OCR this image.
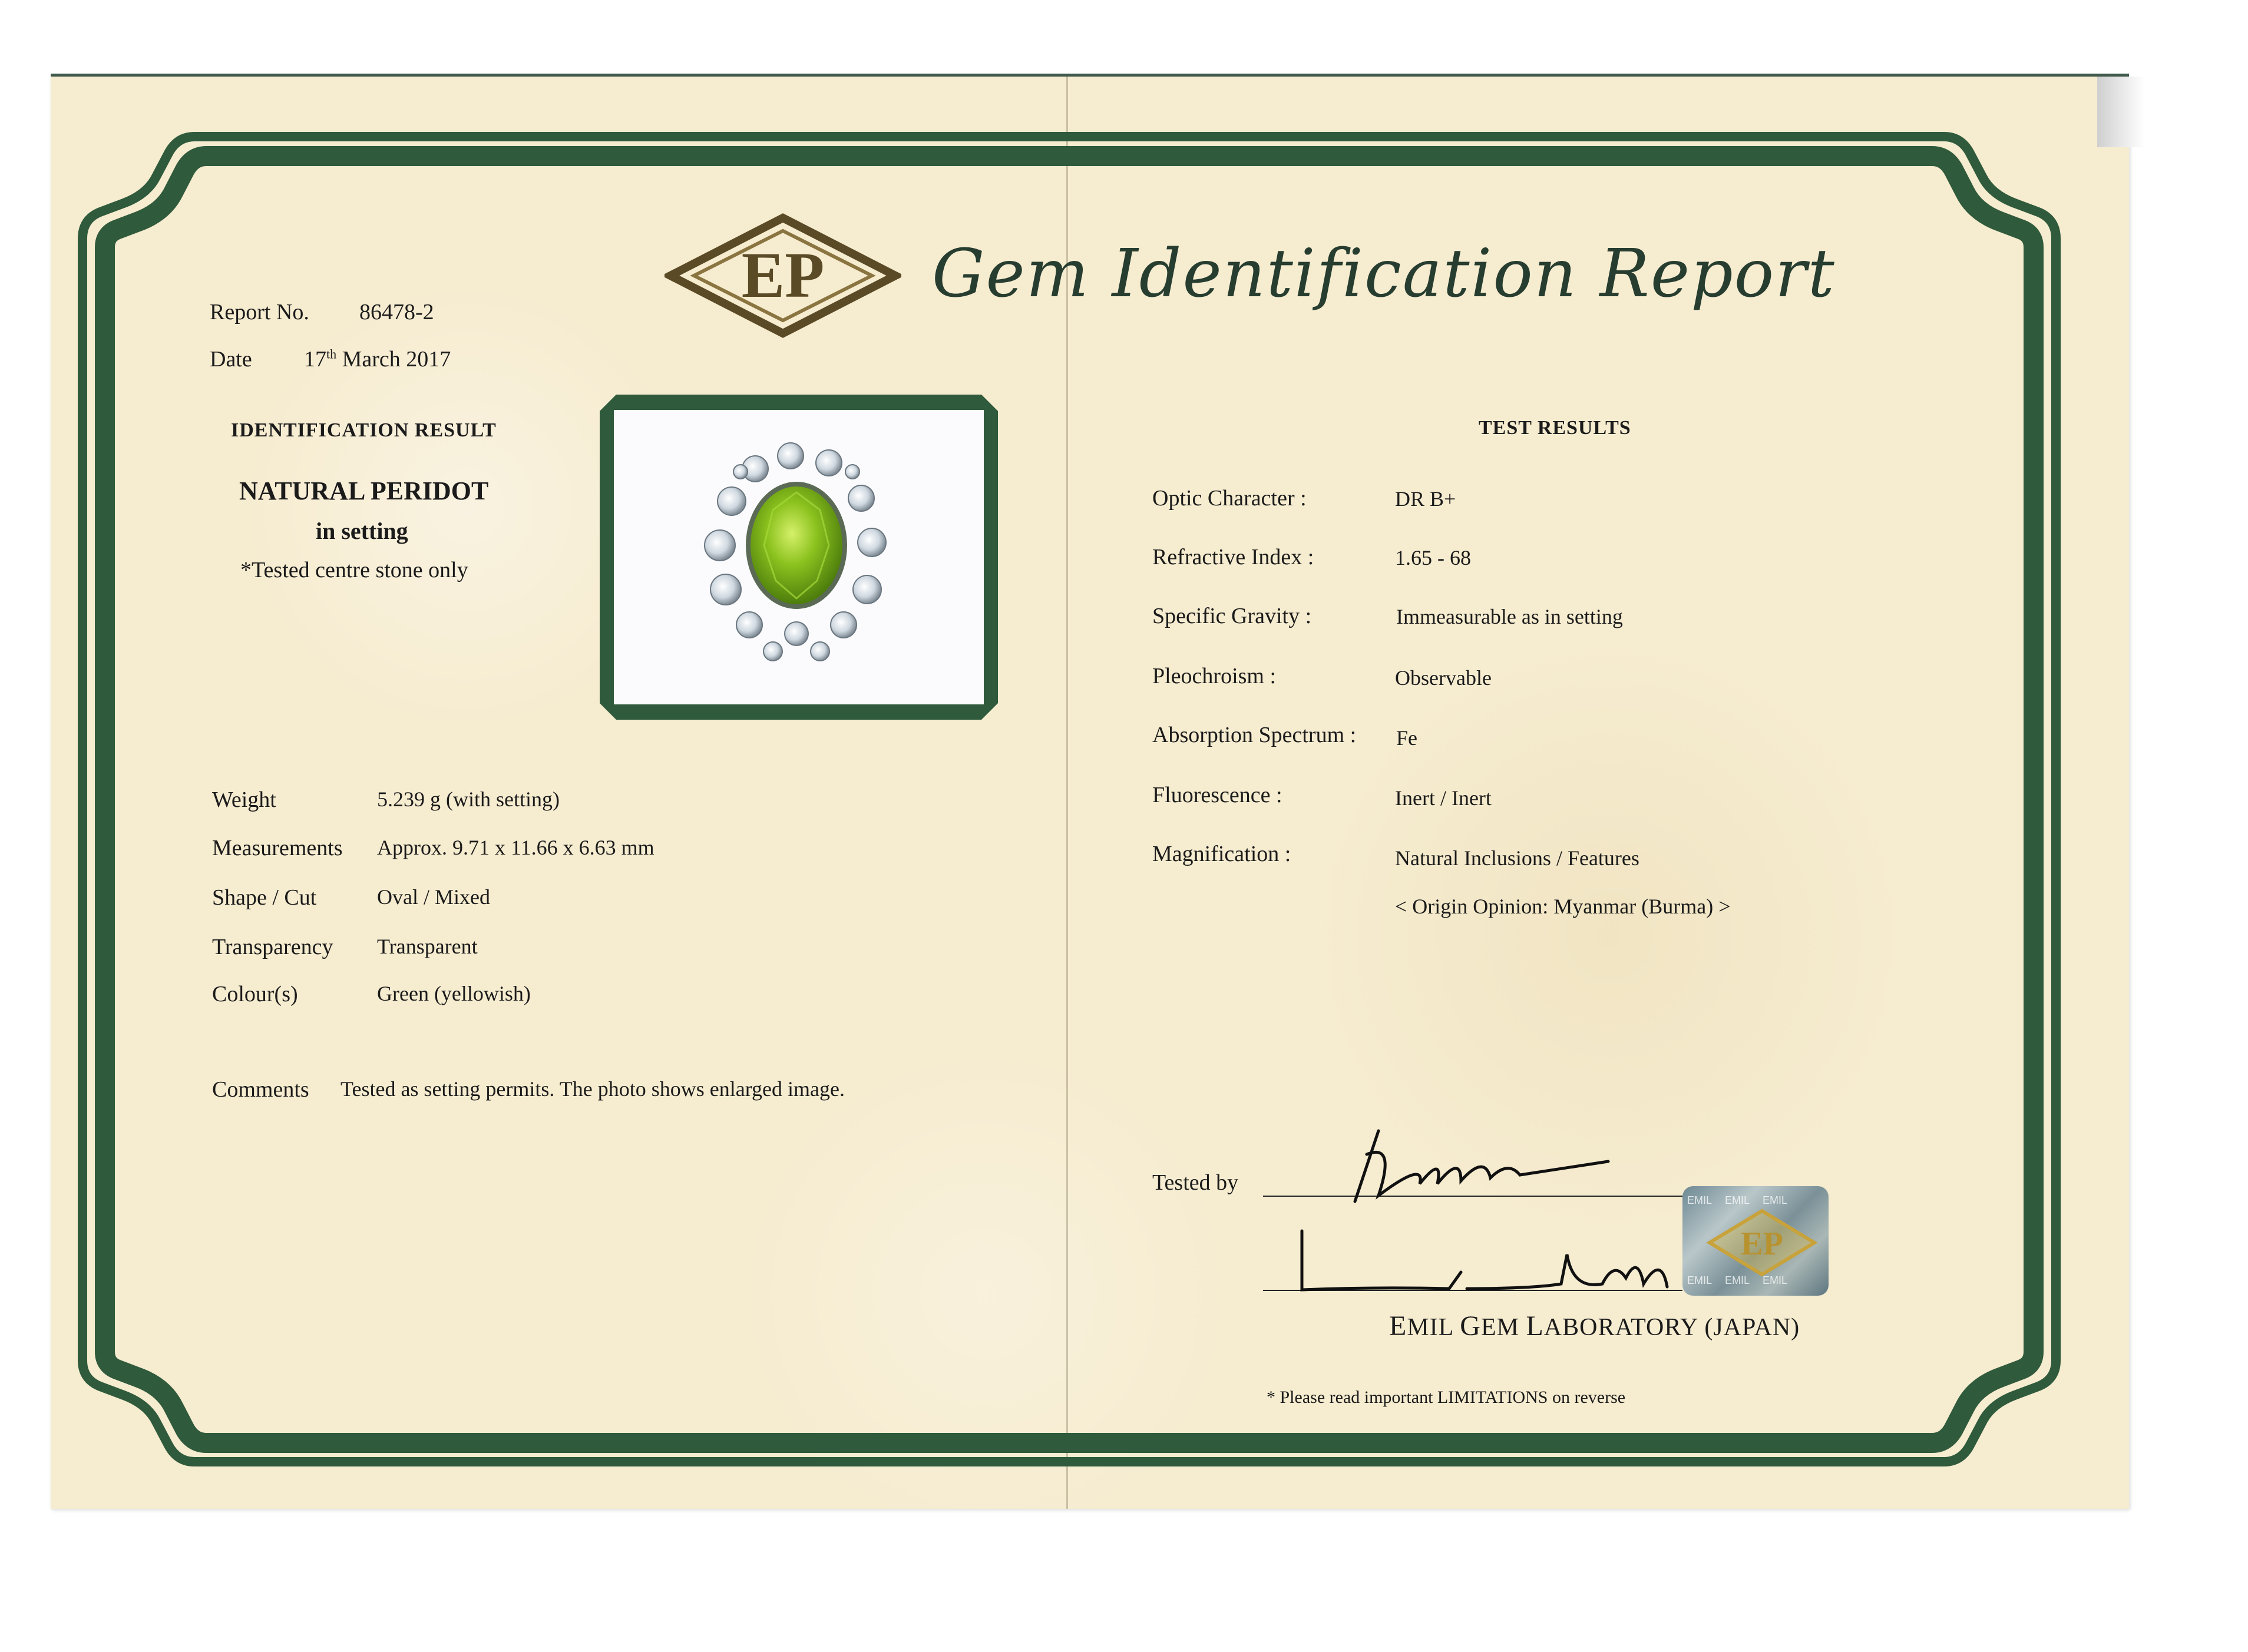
EP Gem Identification Report
Report No. 86478-2
Date 17th March 2017
IDENTIFICATION RESULT
NATURAL PERIDOT
in setting
*Tested centre stone only
Weight	5.239 g (with setting)
Measurements Approx. 9.71 x 11.66 x 6.63 mm
Shape / Cut	Oval / Mixed
Transparency Transparent
Colour(s)	Green (yellowish)
Comments Tested as setting permits. The photo shows enlarged image.
TEST RESULTS
Optic Character :	DR B+
Refractive Index :	1.65 - 68
Specific Gravity :	Immeasurable as in setting
Pleochroism :	Observable
Absorption Spectrum : Fe
Fluorescence :	Inert / Inert
Magnification :	Natural Inclusions / Features
< Origin Opinion: Myanmar (Burma) >
Tested by
EMIL EMIL EMIL
EMIL EMIL EMIL
EP
EMIL GEM LABORATORY (JAPAN)
* Please read important LIMITATIONS on reverse
